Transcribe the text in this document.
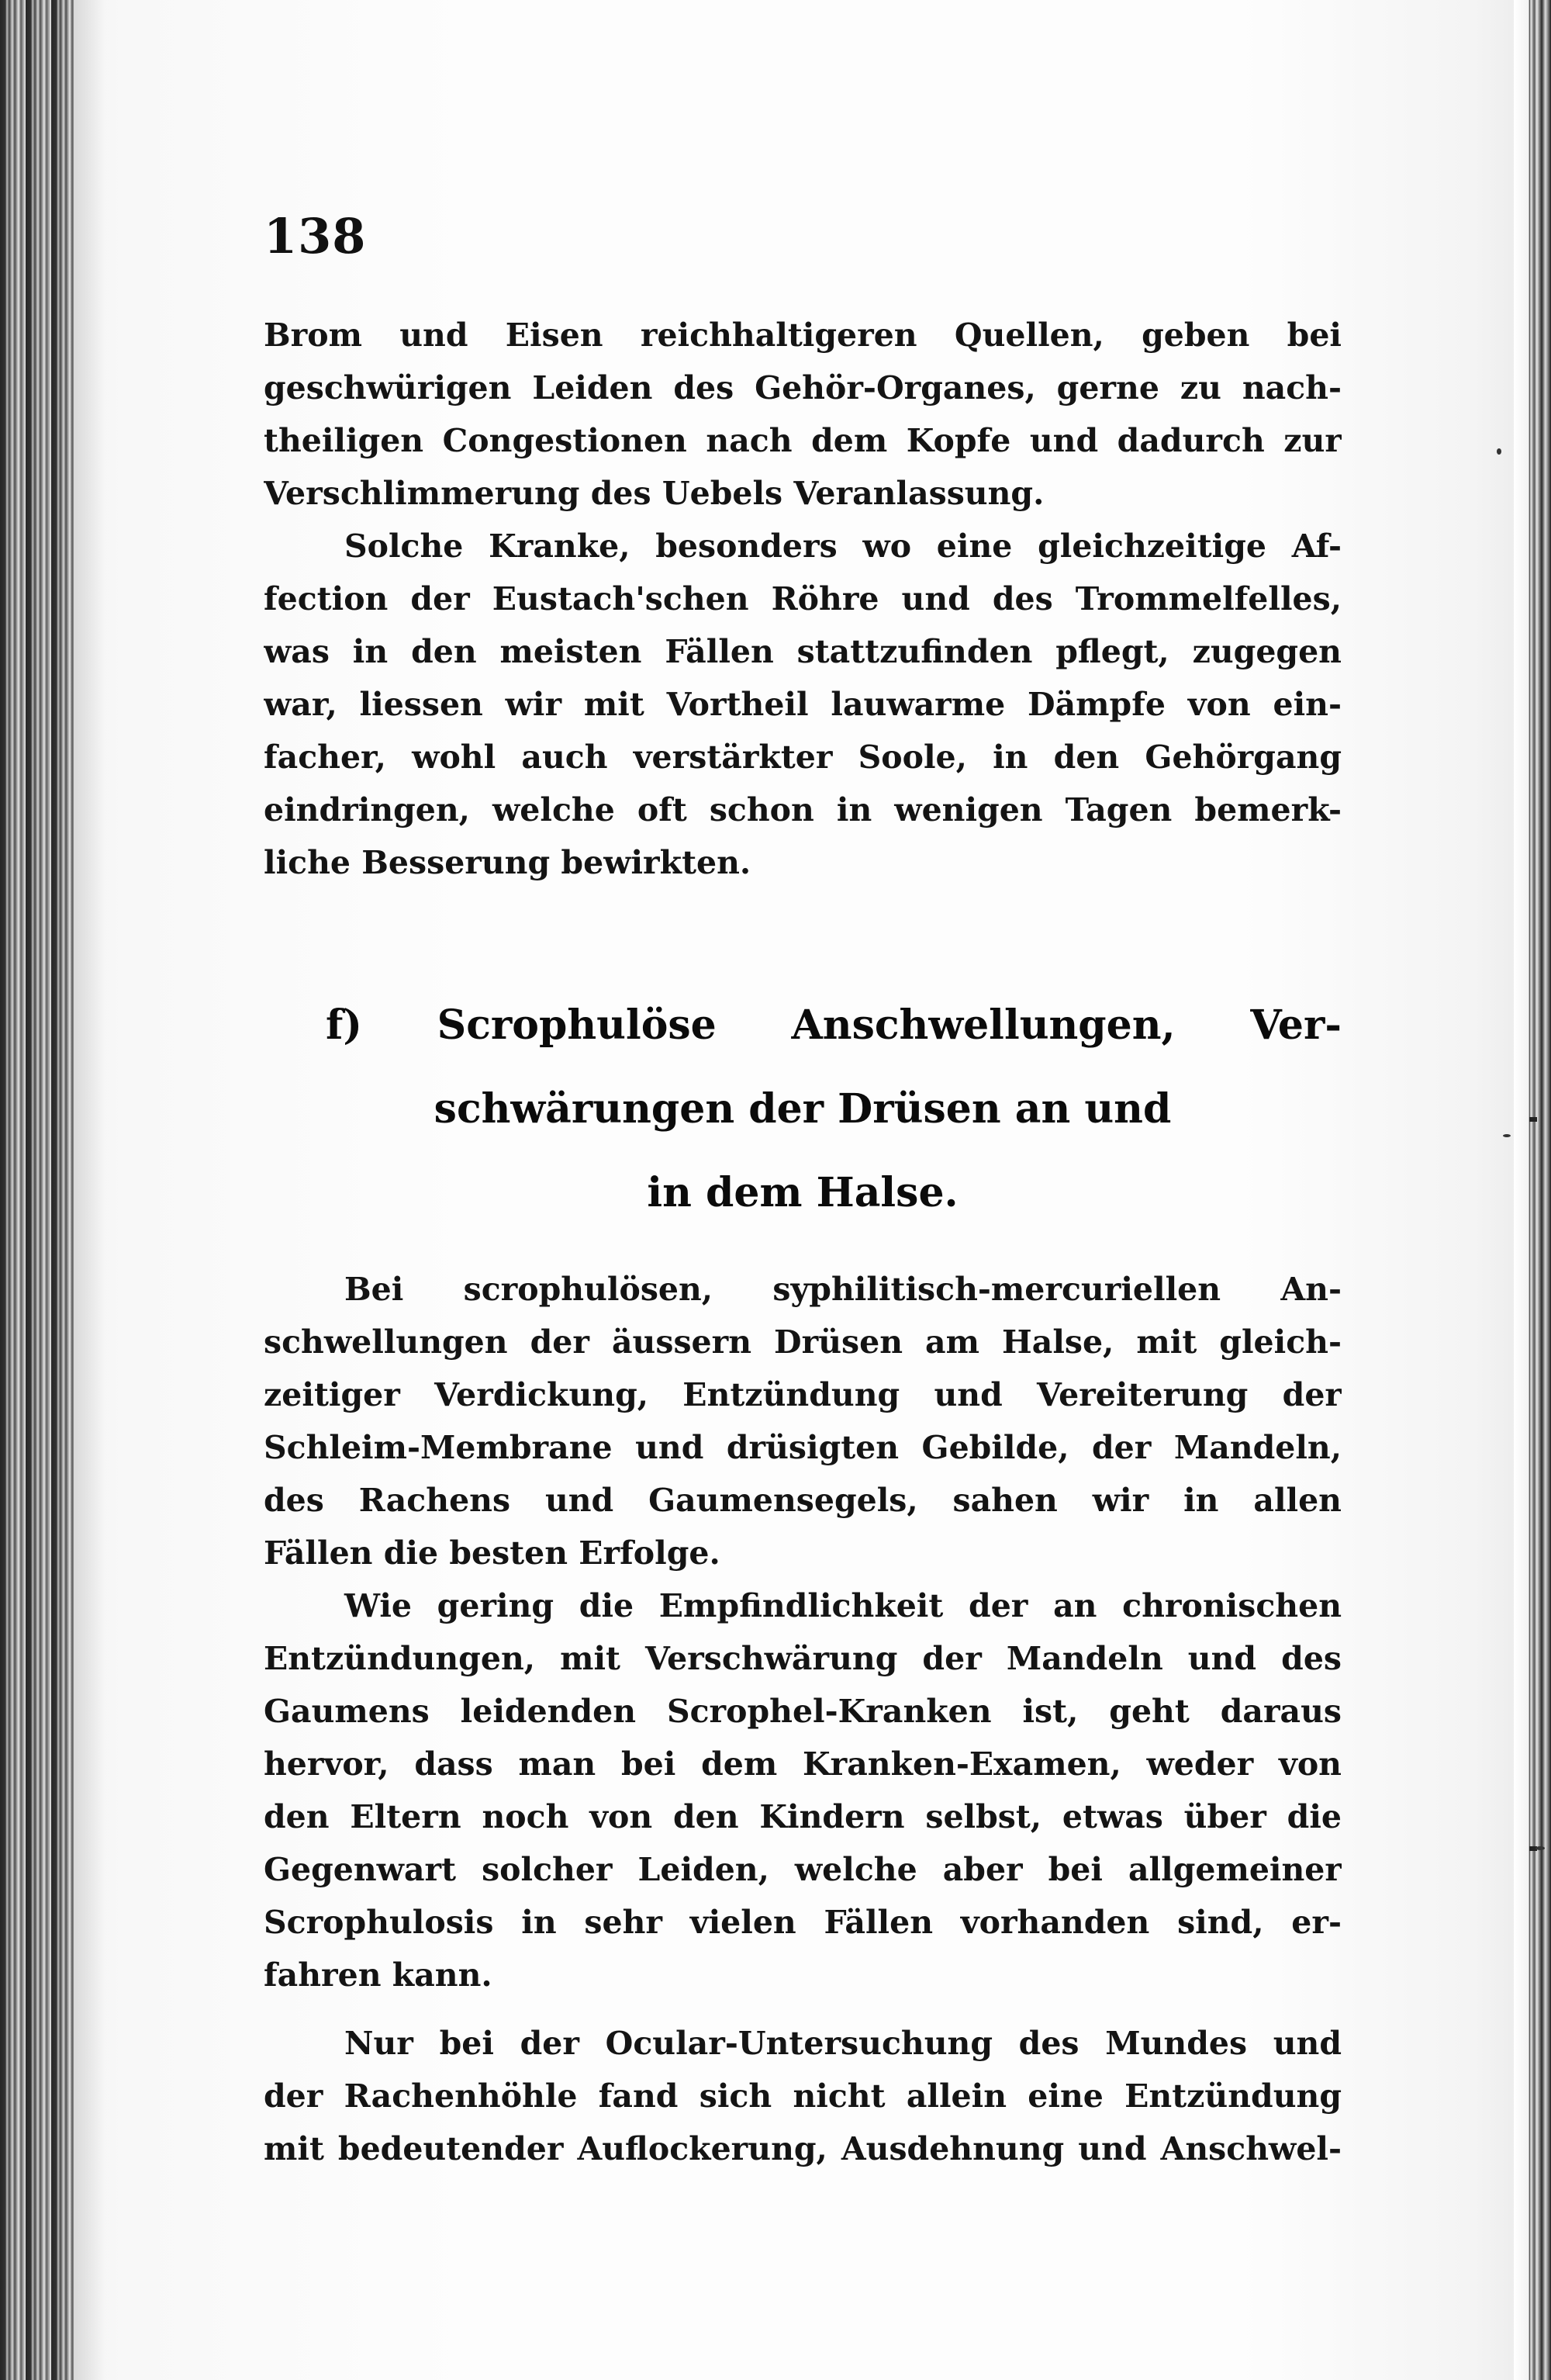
138
Brom und Eisen reichhaltigeren Quellen, geben bei
geschwürigen Leiden des Gehör-Organes, gerne zu nach-
theiligen Congestionen nach dem Kopfe und dadurch zur
Verschlimmerung des Uebels Veranlassung.
Solche Kranke, besonders wo eine gleichzeitige Af-
fection der Eustach'schen Röhre und des Trommelfelles,
was in den meisten Fällen stattzufinden pflegt, zugegen
war, liessen wir mit Vortheil lauwarme Dämpfe von ein-
facher, wohl auch verstärkter Soole, in den Gehörgang
eindringen, welche oft schon in wenigen Tagen bemerk-
liche Besserung bewirkten.
f) Scrophulöse Anschwellungen, Ver-
schwärungen der Drüsen an und
in dem Halse.
Bei scrophulösen, syphilitisch-mercuriellen An-
schwellungen der äussern Drüsen am Halse, mit gleich-
zeitiger Verdickung, Entzündung und Vereiterung der
Schleim-Membrane und drüsigten Gebilde, der Mandeln,
des Rachens und Gaumensegels, sahen wir in allen
Fällen die besten Erfolge.
Wie gering die Empfindlichkeit der an chronischen
Entzündungen, mit Verschwärung der Mandeln und des
Gaumens leidenden Scrophel-Kranken ist, geht daraus
hervor, dass man bei dem Kranken-Examen, weder von
den Eltern noch von den Kindern selbst, etwas über die
Gegenwart solcher Leiden, welche aber bei allgemeiner
Scrophulosis in sehr vielen Fällen vorhanden sind, er-
fahren kann.
Nur bei der Ocular-Untersuchung des Mundes und
der Rachenhöhle fand sich nicht allein eine Entzündung
mit bedeutender Auflockerung, Ausdehnung und Anschwel-
